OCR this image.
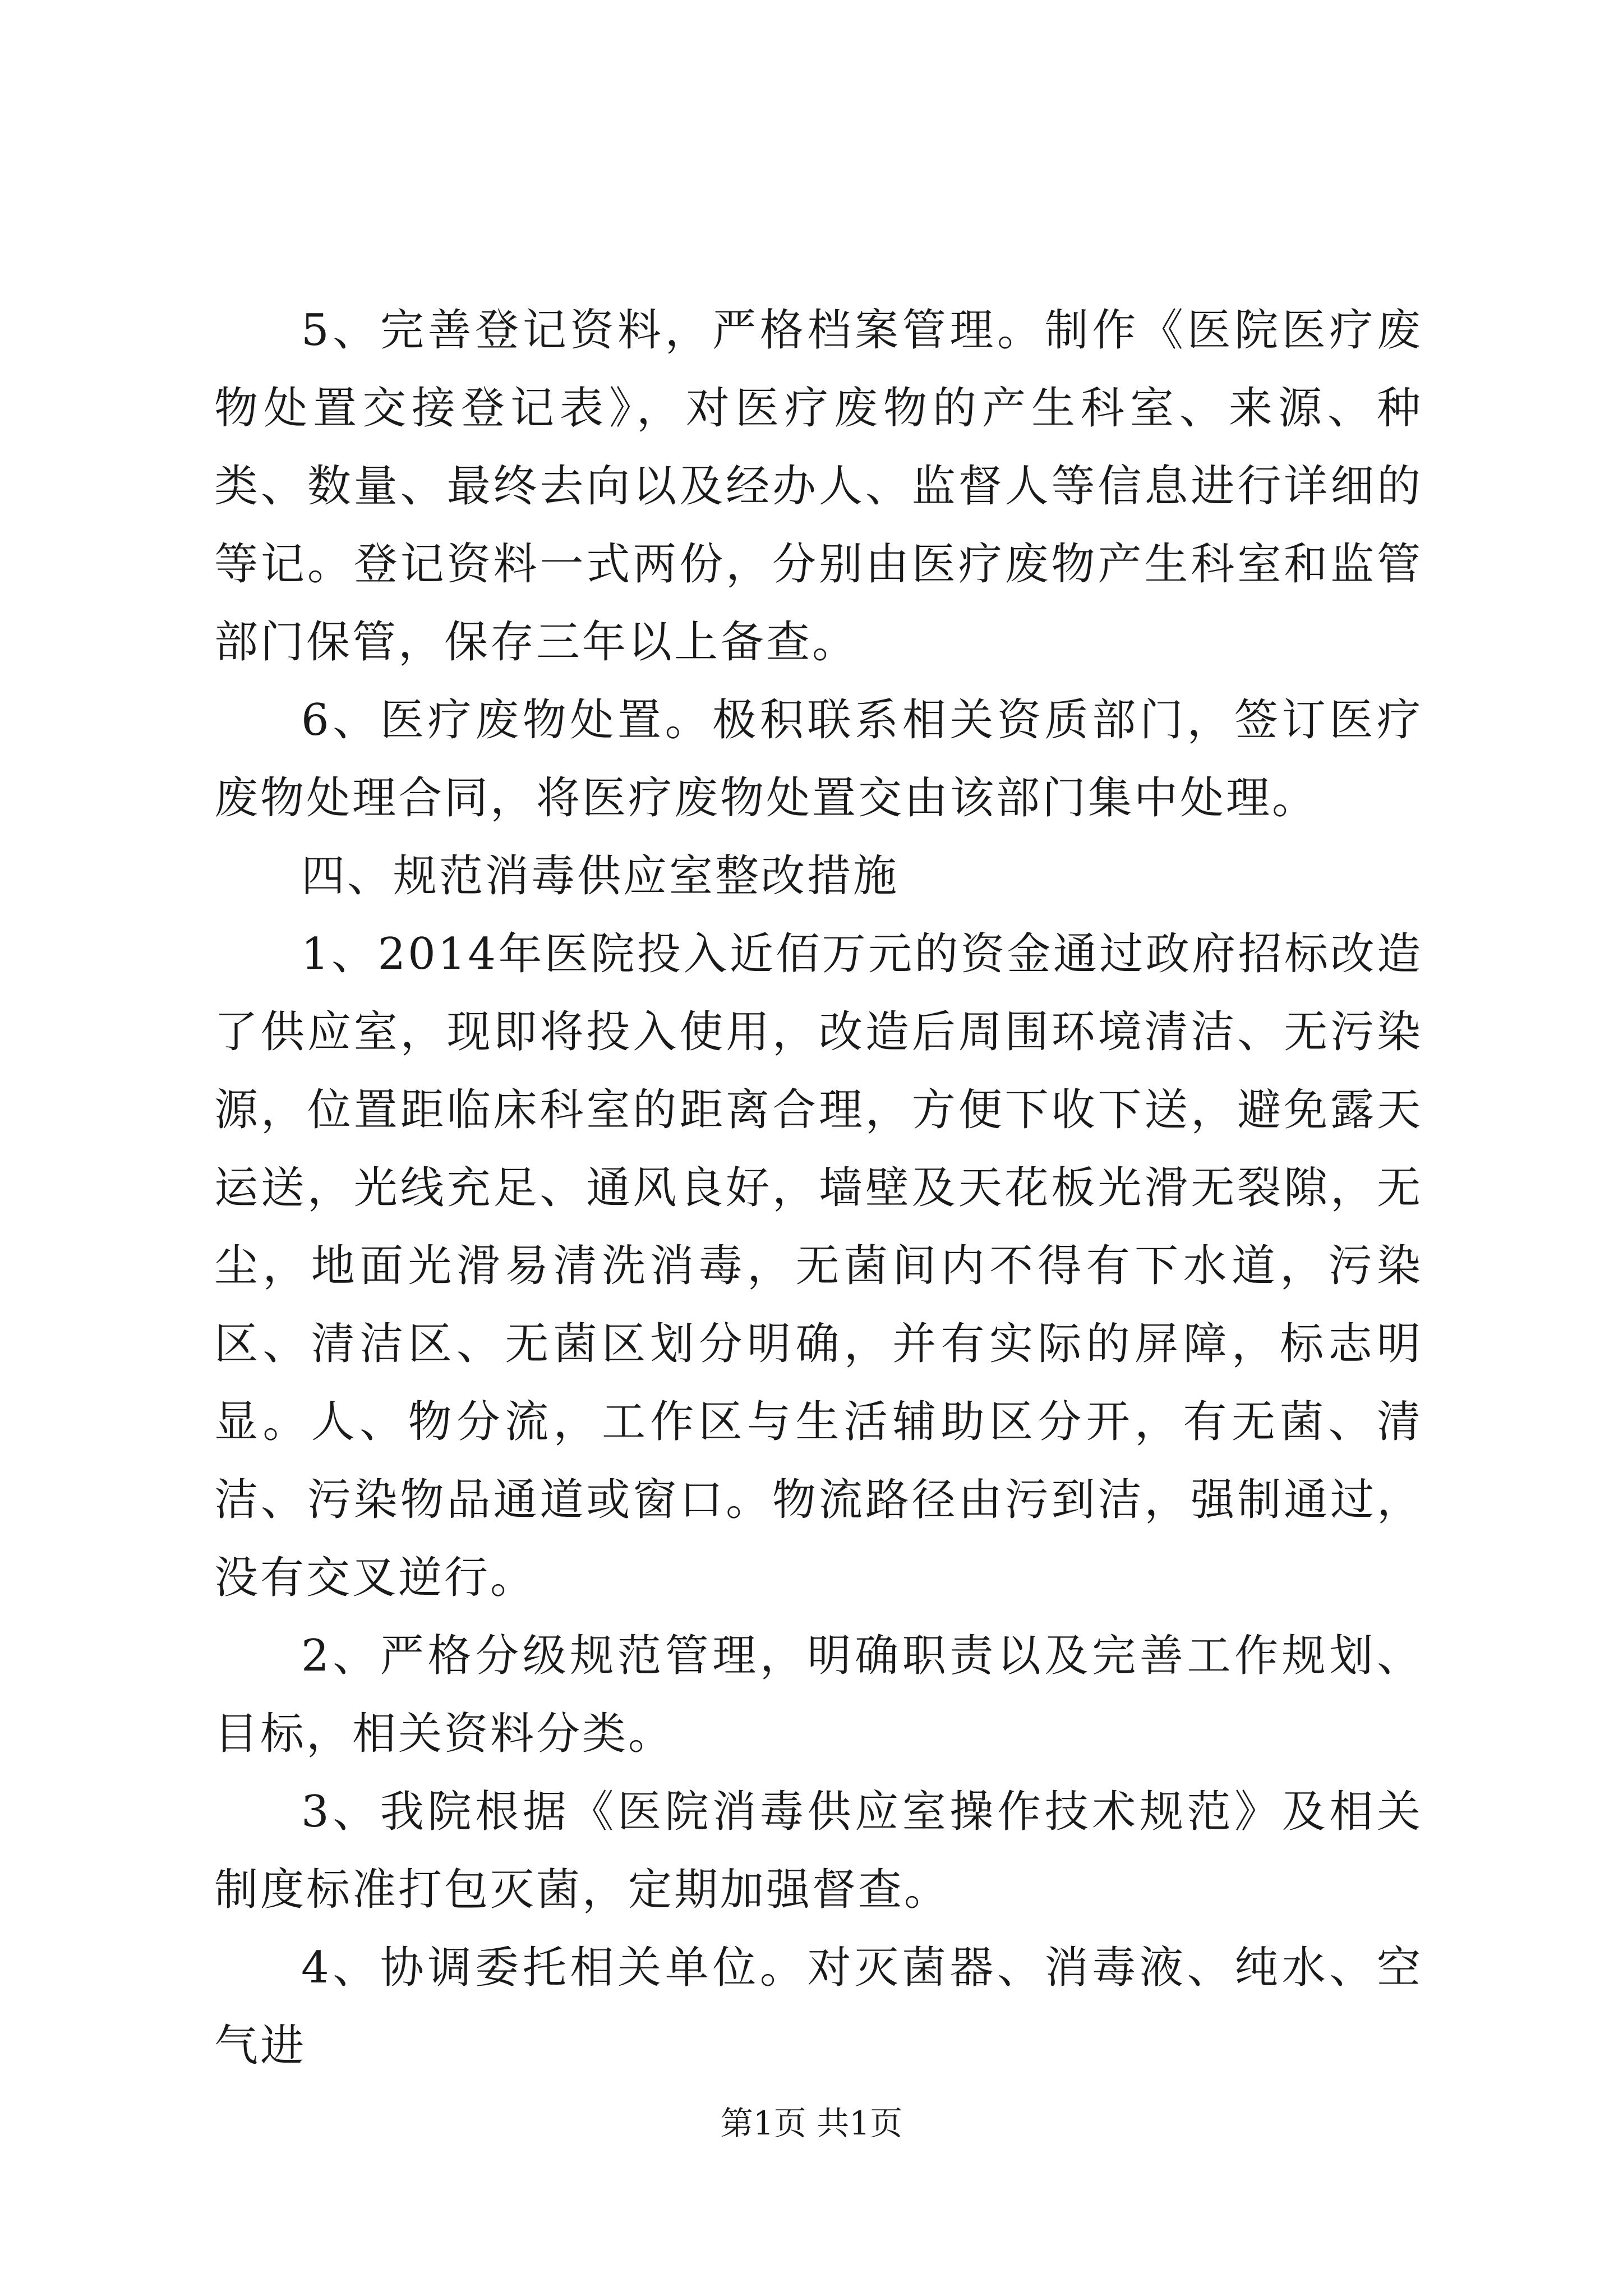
5、完善登记资料，严格档案管理。制作《医院医疗废物处置交接登记表》，对医疗废物的产生科室、来源、种类、数量、最终去向以及经办人、监督人等信息进行详细的等记。登记资料一式两份，分别由医疗废物产生科室和监管部门保管，保存三年以上备查。

6、医疗废物处置。极积联系相关资质部门，签订医疗废物处理合同，将医疗废物处置交由该部门集中处理。

四、规范消毒供应室整改措施

1、2014年医院投入近佰万元的资金通过政府招标改造了供应室，现即将投入使用，改造后周围环境清洁、无污染源，位置距临床科室的距离合理，方便下收下送，避免露天运送，光线充足、通风良好，墙壁及天花板光滑无裂隙，无尘，地面光滑易清洗消毒，无菌间内不得有下水道，污染区、清洁区、无菌区划分明确，并有实际的屏障，标志明显。人、物分流，工作区与生活辅助区分开，有无菌、清洁、污染物品通道或窗口。物流路径由污到洁，强制通过，没有交叉逆行。

2、严格分级规范管理，明确职责以及完善工作规划、目标，相关资料分类。

3、我院根据《医院消毒供应室操作技术规范》及相关制度标准打包灭菌，定期加强督查。

4、协调委托相关单位。对灭菌器、消毒液、纯水、空气进

第1页 共1页
